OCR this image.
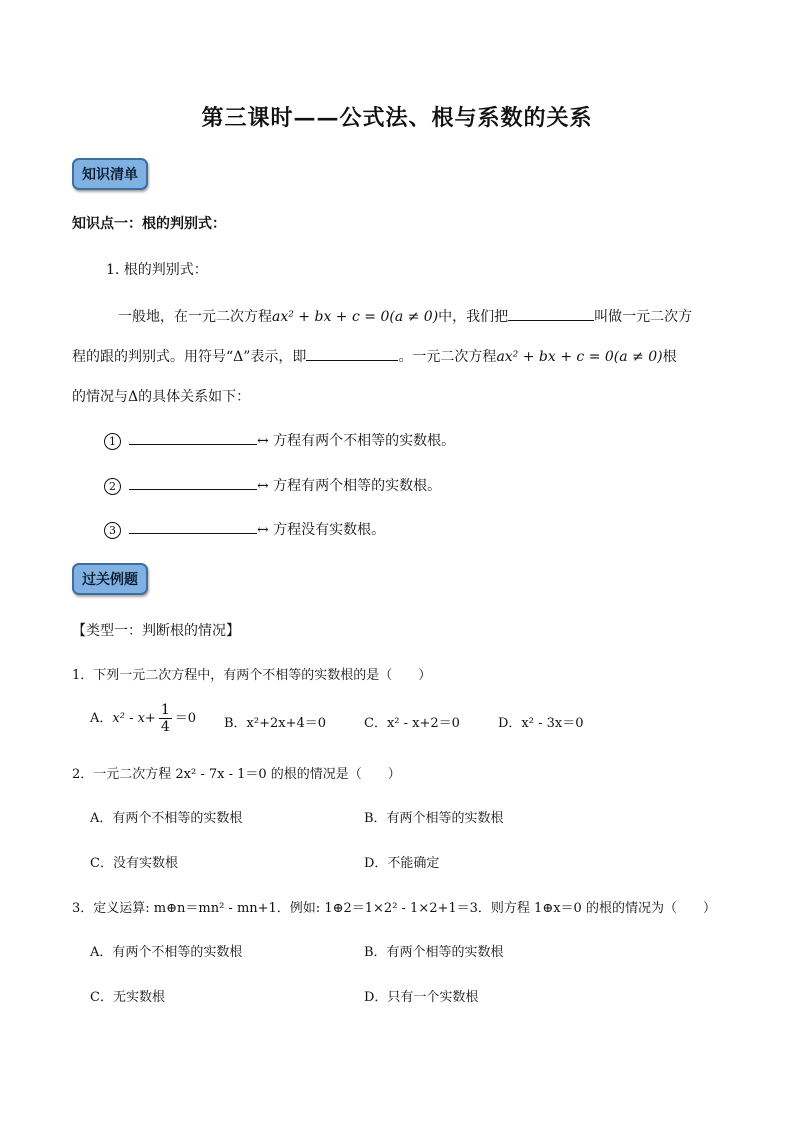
第三课时——公式法、根与系数的关系
知识清单
知识点一：根的判别式：
1. 根的判别式：
一般地，在一元二次方程ax² + bx + c = 0(a ≠ 0)中，我们把	叫做一元二次方
程的跟的判别式。用符号“Δ”表示，即	。一元二次方程ax² + bx + c = 0(a ≠ 0)根
的情况与Δ的具体关系如下：
1	↔ 方程有两个不相等的实数根。
2	↔ 方程有两个相等的实数根。
3	↔ 方程没有实数根。
过关例题
【类型一：判断根的情况】
1．下列一元二次方程中，有两个不相等的实数根的是（　　）
A．$x^2 - x+ \frac{1}{4} =0$ B．x²+2x+4＝0	C．x² - x+2＝0	D．x² - 3x＝0
2．一元二次方程 2x² - 7x - 1＝0 的根的情况是（　　）
A．有两个不相等的实数根	B．有两个相等的实数根
C．没有实数根	D．不能确定
3．定义运算: m⊕n＝mn² - mn+1．例如: 1⊕2＝1×2² - 1×2+1＝3．则方程 1⊕x＝0 的根的情况为（　　）
A．有两个不相等的实数根	B．有两个相等的实数根
C．无实数根	D．只有一个实数根
